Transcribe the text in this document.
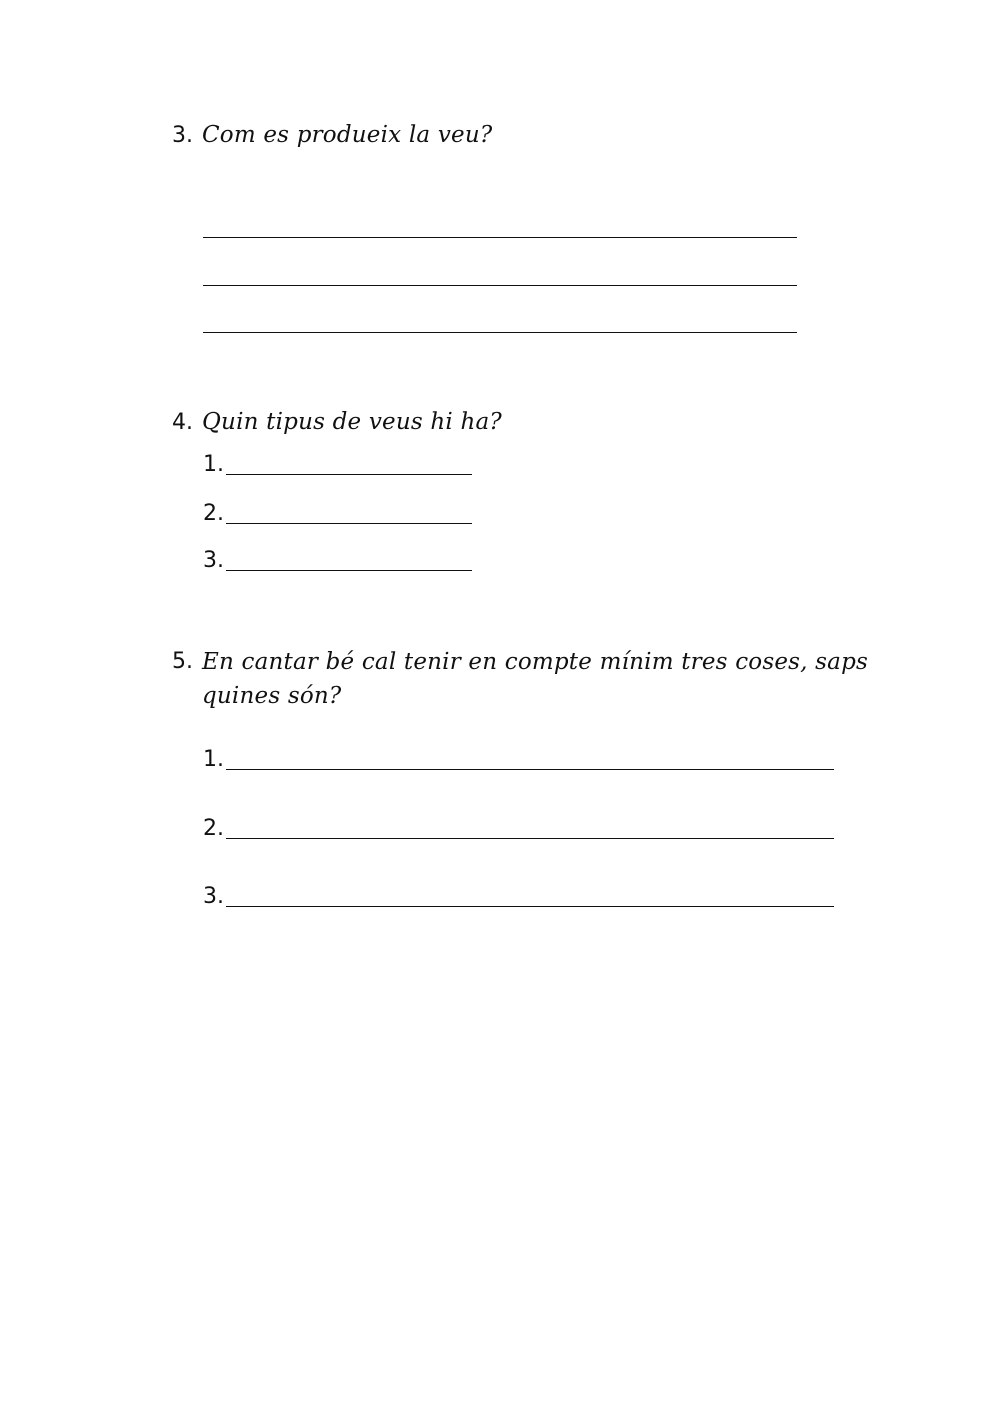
3. Com es produeix la veu?
4. Quin tipus de veus hi ha?
1.
2.
3.
5. En cantar bé cal tenir en compte mínim tres coses, saps
quines són?
1.
2.
3.
